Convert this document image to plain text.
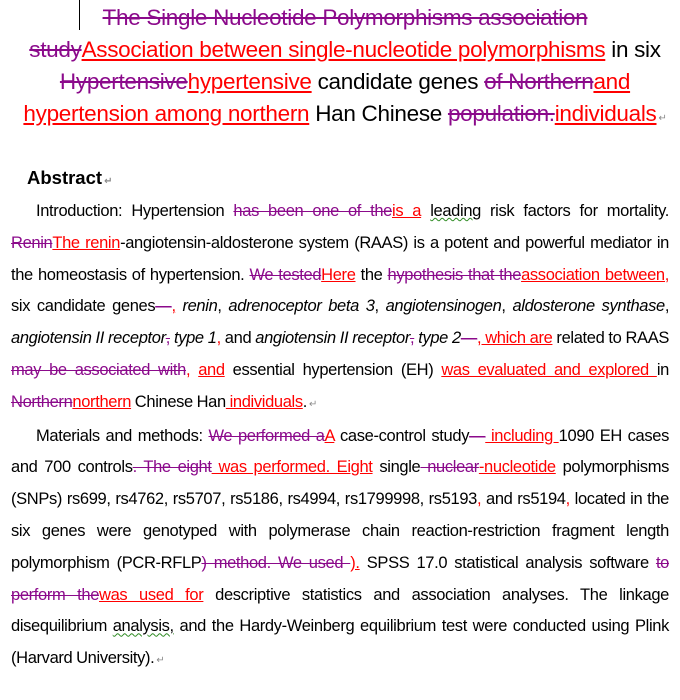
The Single Nucleotide Polymorphisms association studyAssociation between single-nucleotide polymorphisms in six Hypertensivehypertensive candidate genes of Northernand hypertension among northern Han Chinese population.individuals ↵
Abstract ↵

Introduction: Hypertension has been one of theis a leading risk factors for mortality. ReninThe renin-angiotensin-aldosterone system (RAAS) is a potent and powerful mediator in the homeostasis of hypertension. We testedHere the hypothesis that theassociation between, six candidate genes—, renin, adrenoceptor beta 3, angiotensinogen, aldosterone synthase, angiotensin II receptor, type 1, and angiotensin II receptor, type 2—, which are related to RAAS may be associated with, and essential hypertension (EH) was evaluated and explored in Northernnorthern Chinese Han individuals. ↵

Materials and methods: We performed aA case-control study— including 1090 EH cases and 700 controls. The eight was performed. Eight single nuclear-nucleotide polymorphisms (SNPs) rs699, rs4762, rs5707, rs5186, rs4994, rs1799998, rs5193, and rs5194, located in the six genes were genotyped with polymerase chain reaction-restriction fragment length polymorphism (PCR-RFLP) method. We used ). SPSS 17.0 statistical analysis software to perform thewas used for descriptive statistics and association analyses. The linkage disequilibrium analysis, and the Hardy-Weinberg equilibrium test were conducted using Plink (Harvard University). ↵
